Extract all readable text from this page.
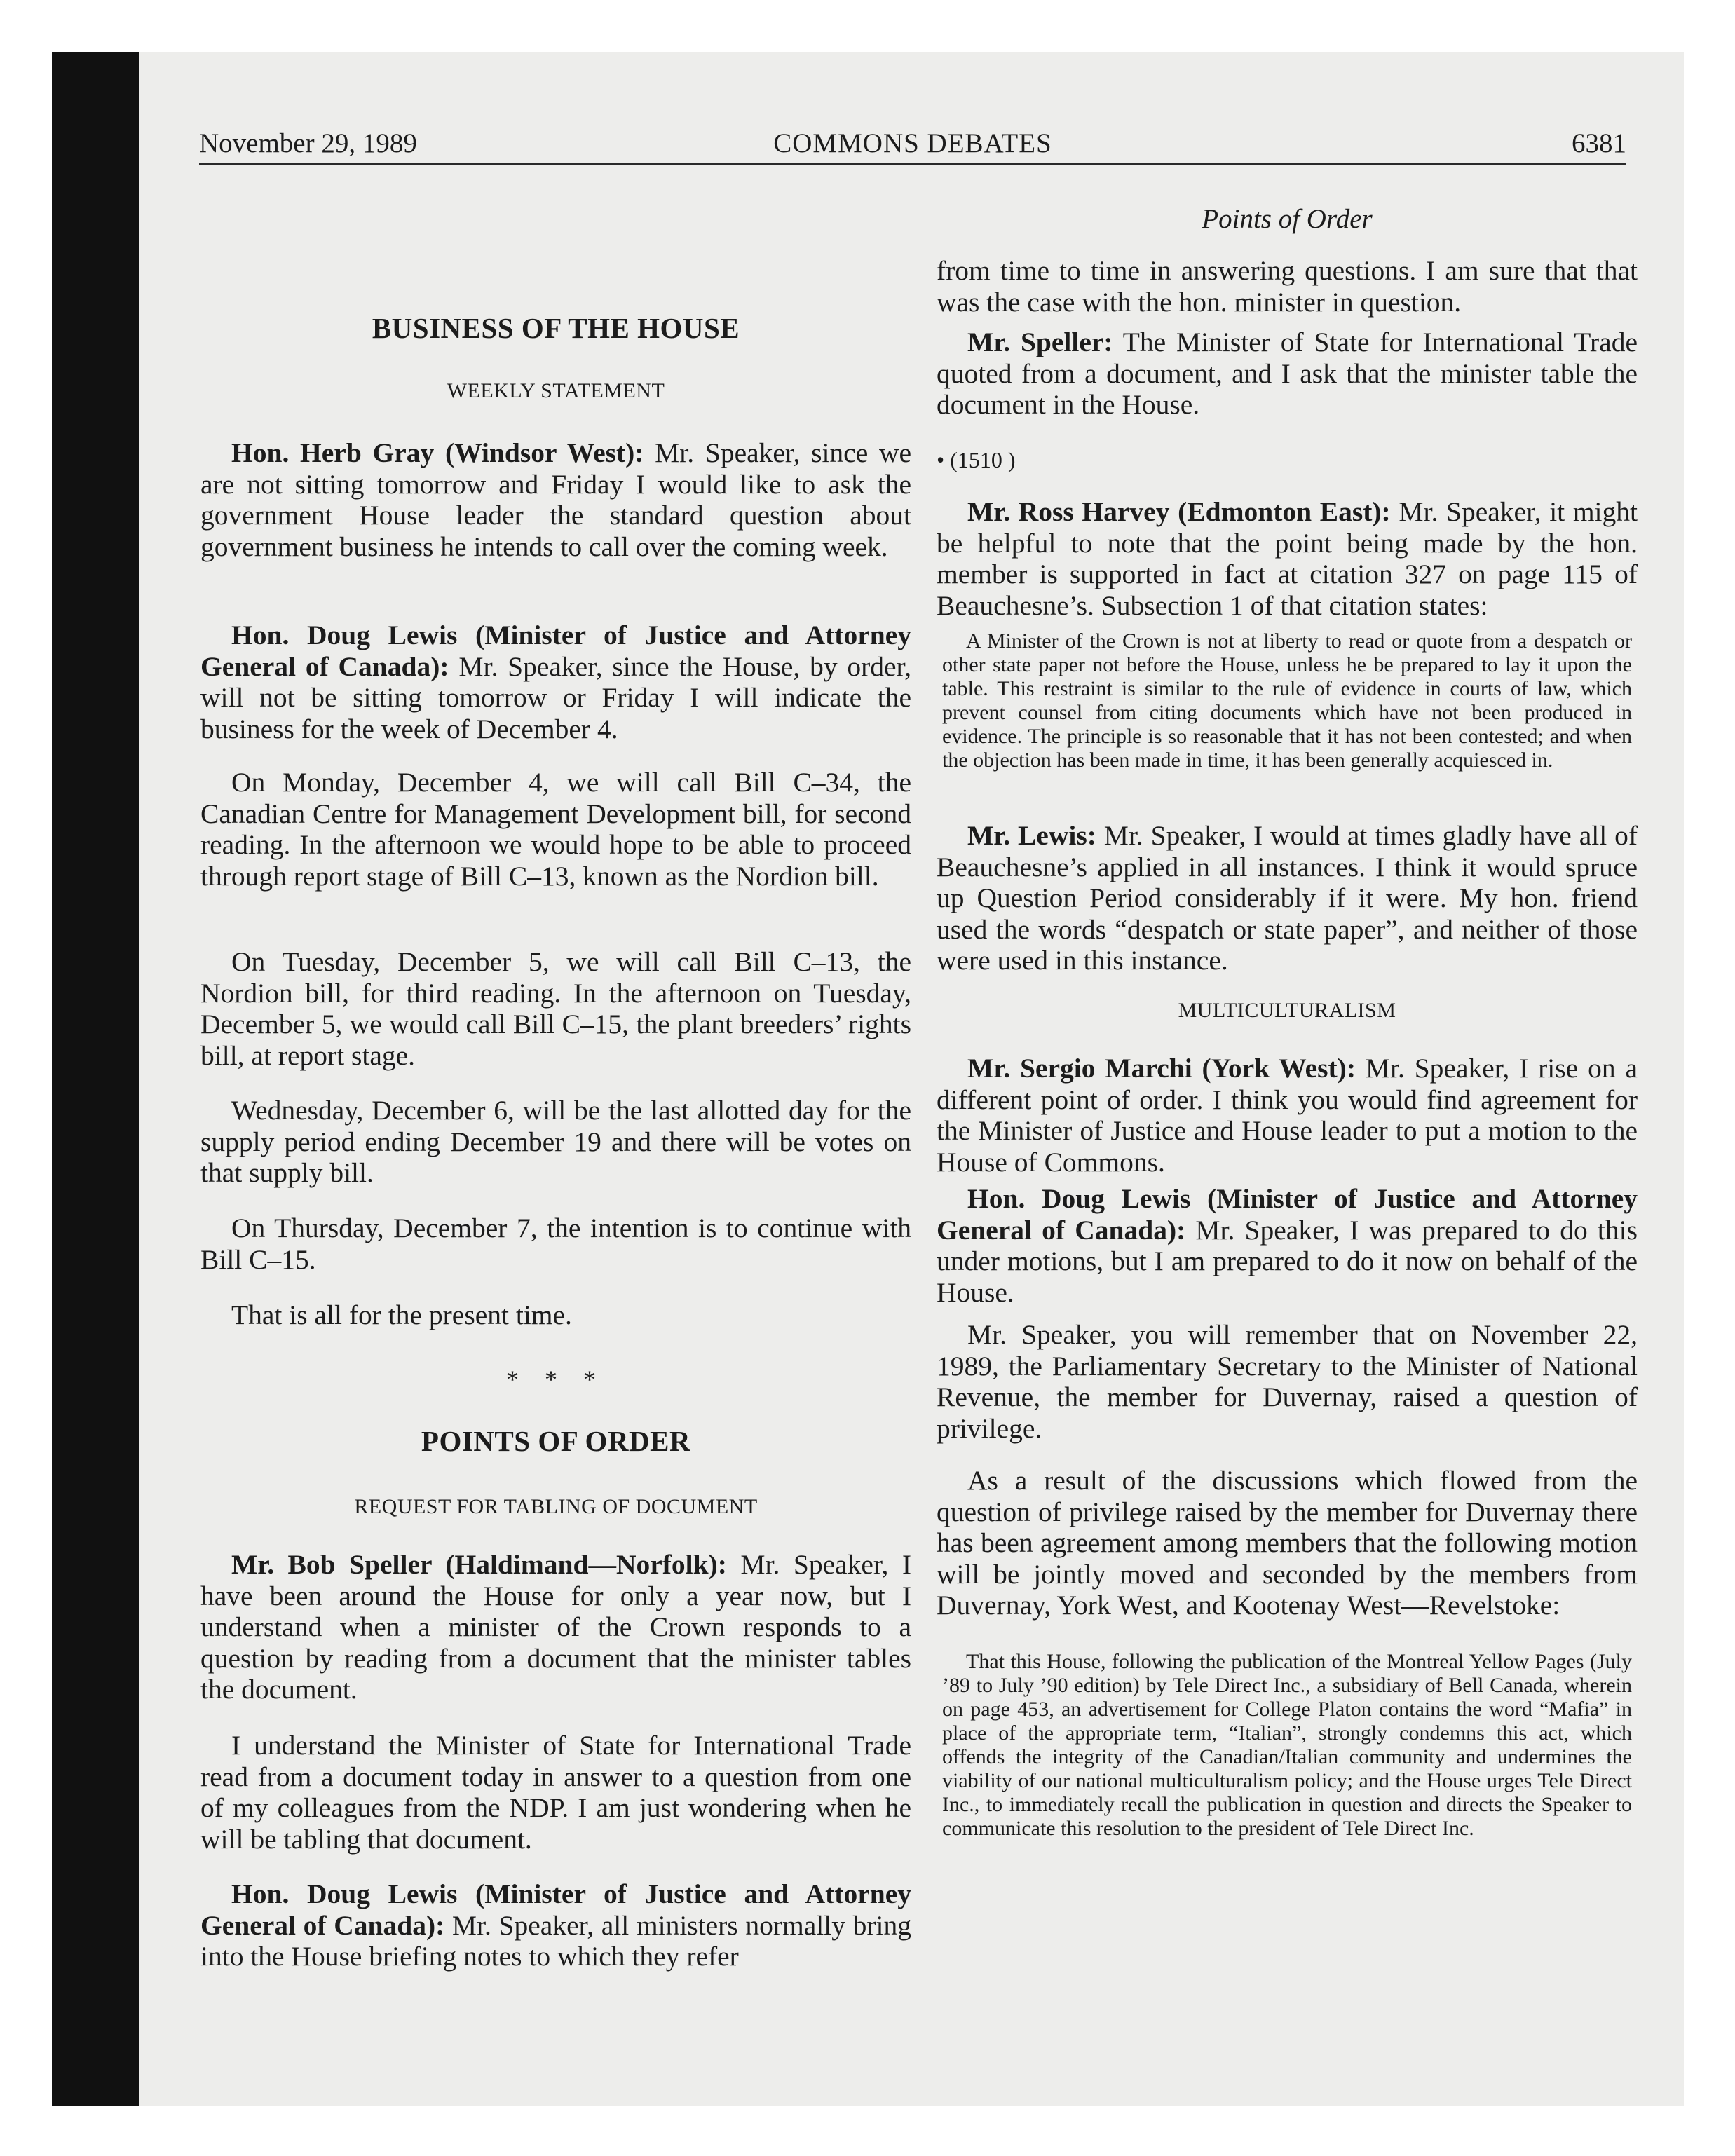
November 29, 1989	COMMONS DEBATES	6381
Points of Order
BUSINESS OF THE HOUSE
WEEKLY STATEMENT

Hon. Herb Gray (Windsor West): Mr. Speaker, since we are not sitting tomorrow and Friday I would like to ask the government House leader the standard question about government business he intends to call over the coming week.

Hon. Doug Lewis (Minister of Justice and Attorney General of Canada): Mr. Speaker, since the House, by order, will not be sitting tomorrow or Friday I will indicate the business for the week of December 4.

On Monday, December 4, we will call Bill C–34, the Canadian Centre for Management Development bill, for second reading. In the afternoon we would hope to be able to proceed through report stage of Bill C–13, known as the Nordion bill.

On Tuesday, December 5, we will call Bill C–13, the Nordion bill, for third reading. In the afternoon on Tuesday, December 5, we would call Bill C–15, the plant breeders’ rights bill, at report stage.

Wednesday, December 6, will be the last allotted day for the supply period ending December 19 and there will be votes on that supply bill.

On Thursday, December 7, the intention is to continue with Bill C–15.

That is all for the present time.

* * *
POINTS OF ORDER
REQUEST FOR TABLING OF DOCUMENT

Mr. Bob Speller (Haldimand—Norfolk): Mr. Speaker, I have been around the House for only a year now, but I understand when a minister of the Crown responds to a question by reading from a document that the minister tables the document.

I understand the Minister of State for International Trade read from a document today in answer to a question from one of my colleagues from the NDP. I am just wondering when he will be tabling that document.

Hon. Doug Lewis (Minister of Justice and Attorney General of Canada): Mr. Speaker, all ministers normally bring into the House briefing notes to which they refer

from time to time in answering questions. I am sure that that was the case with the hon. minister in question.

Mr. Speller: The Minister of State for International Trade quoted from a document, and I ask that the minister table the document in the House.

• (1510 )

Mr. Ross Harvey (Edmonton East): Mr. Speaker, it might be helpful to note that the point being made by the hon. member is supported in fact at citation 327 on page 115 of Beauchesne’s. Subsection 1 of that citation states:

A Minister of the Crown is not at liberty to read or quote from a despatch or other state paper not before the House, unless he be prepared to lay it upon the table. This restraint is similar to the rule of evidence in courts of law, which prevent counsel from citing documents which have not been produced in evidence. The principle is so reasonable that it has not been contested; and when the objection has been made in time, it has been generally acquiesced in.

Mr. Lewis: Mr. Speaker, I would at times gladly have all of Beauchesne’s applied in all instances. I think it would spruce up Question Period considerably if it were. My hon. friend used the words “despatch or state paper”, and neither of those were used in this instance.

MULTICULTURALISM

Mr. Sergio Marchi (York West): Mr. Speaker, I rise on a different point of order. I think you would find agreement for the Minister of Justice and House leader to put a motion to the House of Commons.

Hon. Doug Lewis (Minister of Justice and Attorney General of Canada): Mr. Speaker, I was prepared to do this under motions, but I am prepared to do it now on behalf of the House.

Mr. Speaker, you will remember that on November 22, 1989, the Parliamentary Secretary to the Minister of National Revenue, the member for Duvernay, raised a question of privilege.

As a result of the discussions which flowed from the question of privilege raised by the member for Duvernay there has been agreement among members that the following motion will be jointly moved and seconded by the members from Duvernay, York West, and Kootenay West—Revelstoke:

That this House, following the publication of the Montreal Yellow Pages (July ’89 to July ’90 edition) by Tele Direct Inc., a subsidiary of Bell Canada, wherein on page 453, an advertisement for College Platon contains the word “Mafia” in place of the appropriate term, “Italian”, strongly condemns this act, which offends the integrity of the Canadian/Italian community and undermines the viability of our national multiculturalism policy; and the House urges Tele Direct Inc., to immediately recall the publication in question and directs the Speaker to communicate this resolution to the president of Tele Direct Inc.
